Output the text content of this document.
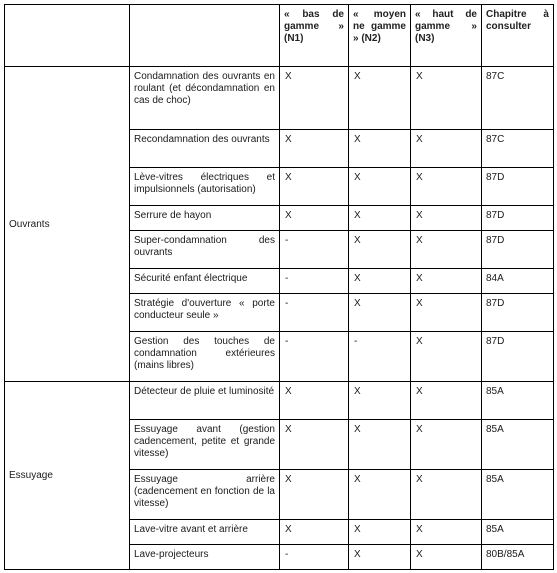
		« bas de gamme » (N1)	« moyen ne gamme » (N2)	« haut de gamme » (N3)	Chapitre à consulter
Ouvrants	Condamnation des ouvrants en roulant (et décondamnation en cas de choc)	X	X	X	87C
	Recondamnation des ouvrants	X	X	X	87C
	Lève-vitres électriques et impulsionnels (autorisation)	X	X	X	87D
	Serrure de hayon	X	X	X	87D
	Super-condamnation des ouvrants	-	X	X	87D
	Sécurité enfant électrique	-	X	X	84A
	Stratégie d'ouverture « porte conducteur seule »	-	X	X	87D
	Gestion des touches de condamnation extérieures (mains libres)	-	-	X	87D
Essuyage	Détecteur de pluie et luminosité	X	X	X	85A
	Essuyage avant (gestion cadencement, petite et grande vitesse)	X	X	X	85A
	Essuyage arrière (cadencement en fonction de la vitesse)	X	X	X	85A
	Lave-vitre avant et arrière	X	X	X	85A
	Lave-projecteurs	-	X	X	80B/85A
